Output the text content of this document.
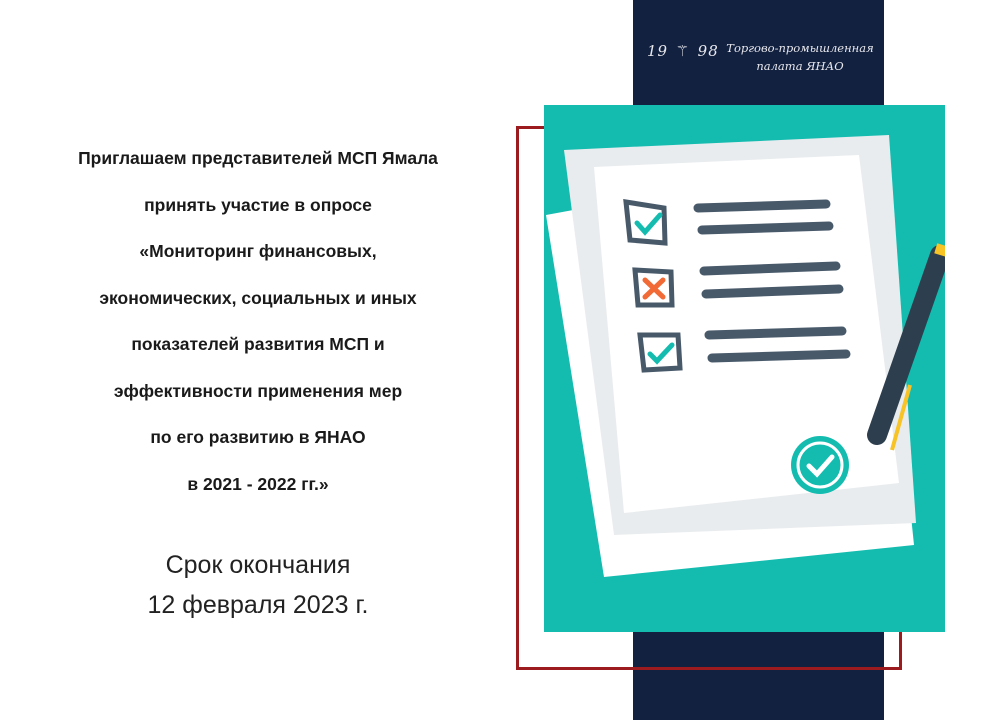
19 ⚚ 98 Торгово-промышленная
палата ЯНАО
Приглашаем представителей МСП Ямала
принять участие в опросе
«Мониторинг финансовых,
экономических, социальных и иных
показателей развития МСП и
эффективности применения мер
по его развитию в ЯНАО
в 2021 - 2022 гг.»
Срок окончания
12 февраля 2023 г.
